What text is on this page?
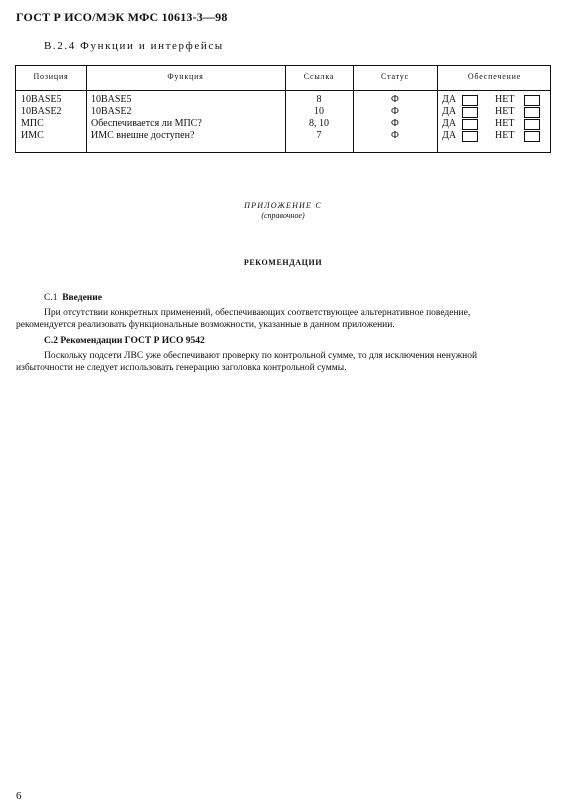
ГОСТ Р ИСО/МЭК МФС 10613-3—98
В.2.4 Функции и интерфейсы
Позиция	Функция	Ссылка	Статус	Обеспечение
10BASE5	10BASE5	8	Ф	ДА	НЕТ
10BASE2	10BASE2	10	Ф	ДА	НЕТ
МПС	Обеспечивается ли МПС?	8, 10	Ф	ДА	НЕТ
ИМС	ИМС внешне доступен?	7	Ф	ДА	НЕТ
ПРИЛОЖЕНИЕ С
(справочное)
РЕКОМЕНДАЦИИ
С.1 Введение
При отсутствии конкретных применений, обеспечивающих соответствующее альтернативное поведение,
рекомендуется реализовать функциональные возможности, указанные в данном приложении.
С.2 Рекомендации ГОСТ Р ИСО 9542
Поскольку подсети ЛВС уже обеспечивают проверку по контрольной сумме, то для исключения ненужной
избыточности не следует использовать генерацию заголовка контрольной суммы.
6
